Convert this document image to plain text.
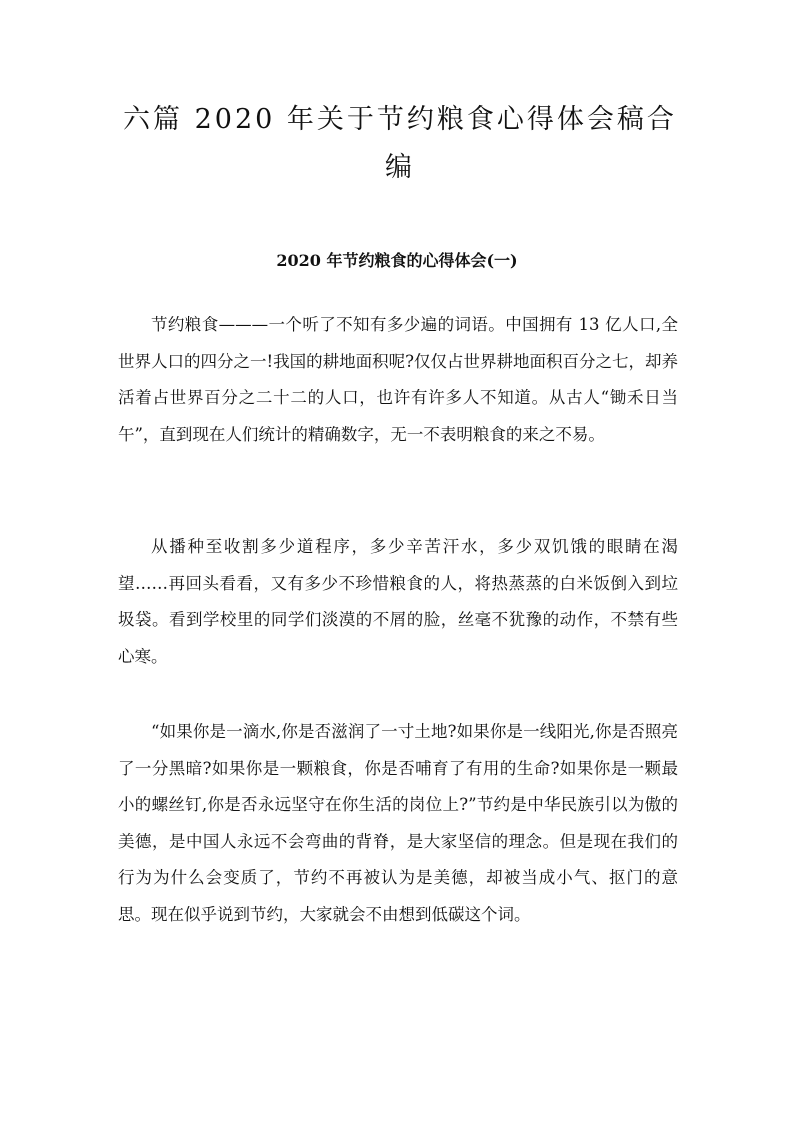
六篇 2020 年关于节约粮食心得体会稿合编
2020 年节约粮食的心得体会(一)

节约粮食———一个听了不知有多少遍的词语。中国拥有 13 亿人口,全世界人口的四分之一!我国的耕地面积呢?仅仅占世界耕地面积百分之七，却养活着占世界百分之二十二的人口，也许有许多人不知道。从古人“锄禾日当午”，直到现在人们统计的精确数字，无一不表明粮食的来之不易。

从播种至收割多少道程序，多少辛苦汗水，多少双饥饿的眼睛在渴望……再回头看看，又有多少不珍惜粮食的人，将热蒸蒸的白米饭倒入到垃圾袋。看到学校里的同学们淡漠的不屑的脸，丝毫不犹豫的动作，不禁有些心寒。

“如果你是一滴水,你是否滋润了一寸土地?如果你是一线阳光,你是否照亮了一分黑暗?如果你是一颗粮食，你是否哺育了有用的生命?如果你是一颗最小的螺丝钉,你是否永远坚守在你生活的岗位上?”节约是中华民族引以为傲的美德，是中国人永远不会弯曲的背脊，是大家坚信的理念。但是现在我们的行为为什么会变质了，节约不再被认为是美德，却被当成小气、抠门的意思。现在似乎说到节约，大家就会不由想到低碳这个词。
